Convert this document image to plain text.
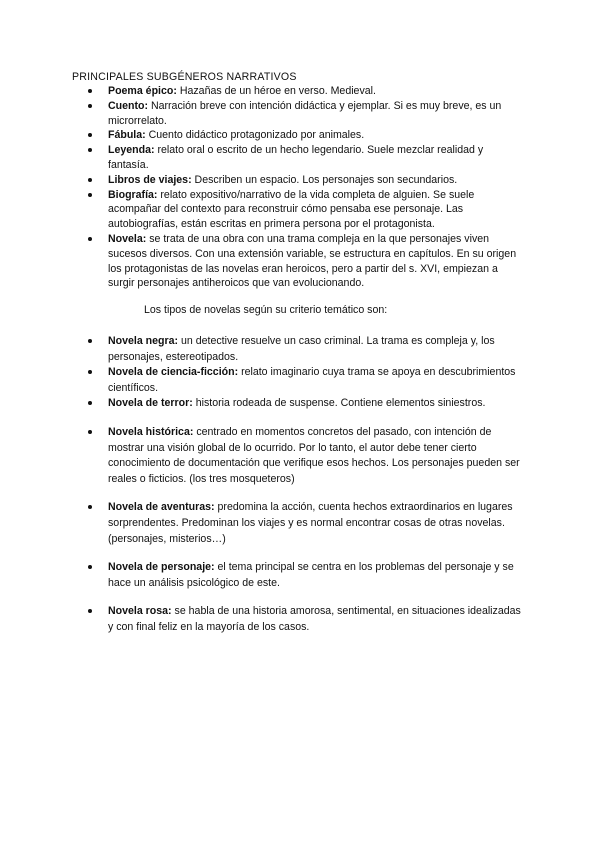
PRINCIPALES SUBGÉNEROS NARRATIVOS
Poema épico: Hazañas de un héroe en verso. Medieval.
Cuento: Narración breve con intención didáctica y ejemplar. Si es muy breve, es un microrrelato.
Fábula: Cuento didáctico protagonizado por animales.
Leyenda: relato oral o escrito de un hecho legendario. Suele mezclar realidad y fantasía.
Libros de viajes: Describen un espacio. Los personajes son secundarios.
Biografía: relato expositivo/narrativo de la vida completa de alguien. Se suele acompañar del contexto para reconstruir cómo pensaba ese personaje. Las autobiografías, están escritas en primera persona por el protagonista.
Novela: se trata de una obra con una trama compleja en la que personajes viven sucesos diversos. Con una extensión variable, se estructura en capítulos. En su origen los protagonistas de las novelas eran heroicos, pero a partir del s. XVI, empiezan a surgir personajes antiheroicos que van evolucionando.
Los tipos de novelas según su criterio temático son:
Novela negra: un detective resuelve un caso criminal. La trama es compleja y, los personajes, estereotipados.
Novela de ciencia-ficción: relato imaginario cuya trama se apoya en descubrimientos científicos.
Novela de terror: historia rodeada de suspense. Contiene elementos siniestros.
Novela histórica: centrado en momentos concretos del pasado, con intención de mostrar una visión global de lo ocurrido. Por lo tanto, el autor debe tener cierto conocimiento de documentación que verifique esos hechos. Los personajes pueden ser reales o ficticios. (los tres mosqueteros)
Novela de aventuras: predomina la acción, cuenta hechos extraordinarios en lugares sorprendentes. Predominan los viajes y es normal encontrar cosas de otras novelas. (personajes, misterios…)
Novela de personaje: el tema principal se centra en los problemas del personaje y se hace un análisis psicológico de este.
Novela rosa: se habla de una historia amorosa, sentimental, en situaciones idealizadas y con final feliz en la mayoría de los casos.
